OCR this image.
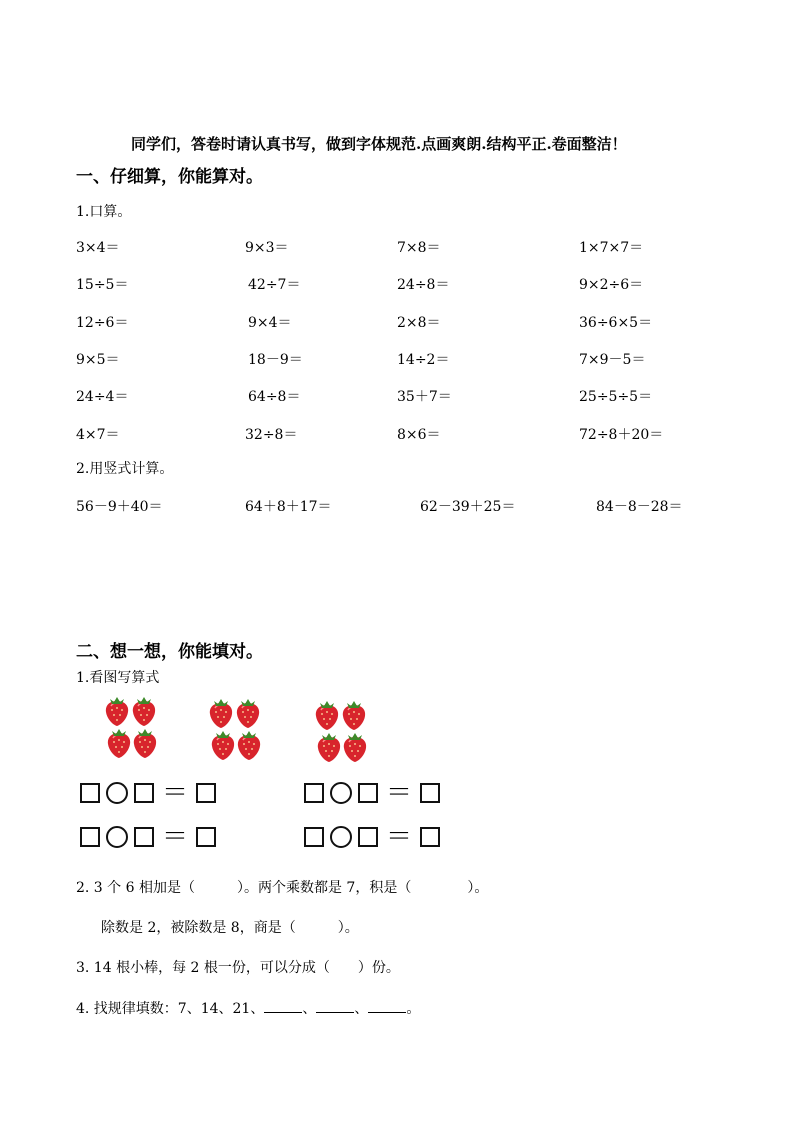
同学们，答卷时请认真书写，做到字体规范.点画爽朗.结构平正.卷面整洁！
一、仔细算，你能算对。
1.口算。
3×4＝	9×3＝	7×8＝	1×7×7＝
15÷5＝	42÷7＝	24÷8＝	9×2÷6＝
12÷6＝	9×4＝	2×8＝	36÷6×5＝
9×5＝	18－9＝	14÷2＝	7×9－5＝
24÷4＝	64÷8＝	35＋7＝	25÷5÷5＝
4×7＝	32÷8＝	8×6＝	72÷8＋20＝
2.用竖式计算。
56－9＋40＝	64＋8＋17＝	62－39＋25＝	84－8－28＝
二、想一想，你能填对。
1.看图写算式
＝	＝
＝	＝
2. 3 个 6 相加是（　　　）。两个乘数都是 7，积是（　　　　）。
除数是 2，被除数是 8，商是（　　　）。
3. 14 根小棒，每 2 根一份，可以分成（　　）份。
4. 找规律填数：7、14、21、	、	、	。
